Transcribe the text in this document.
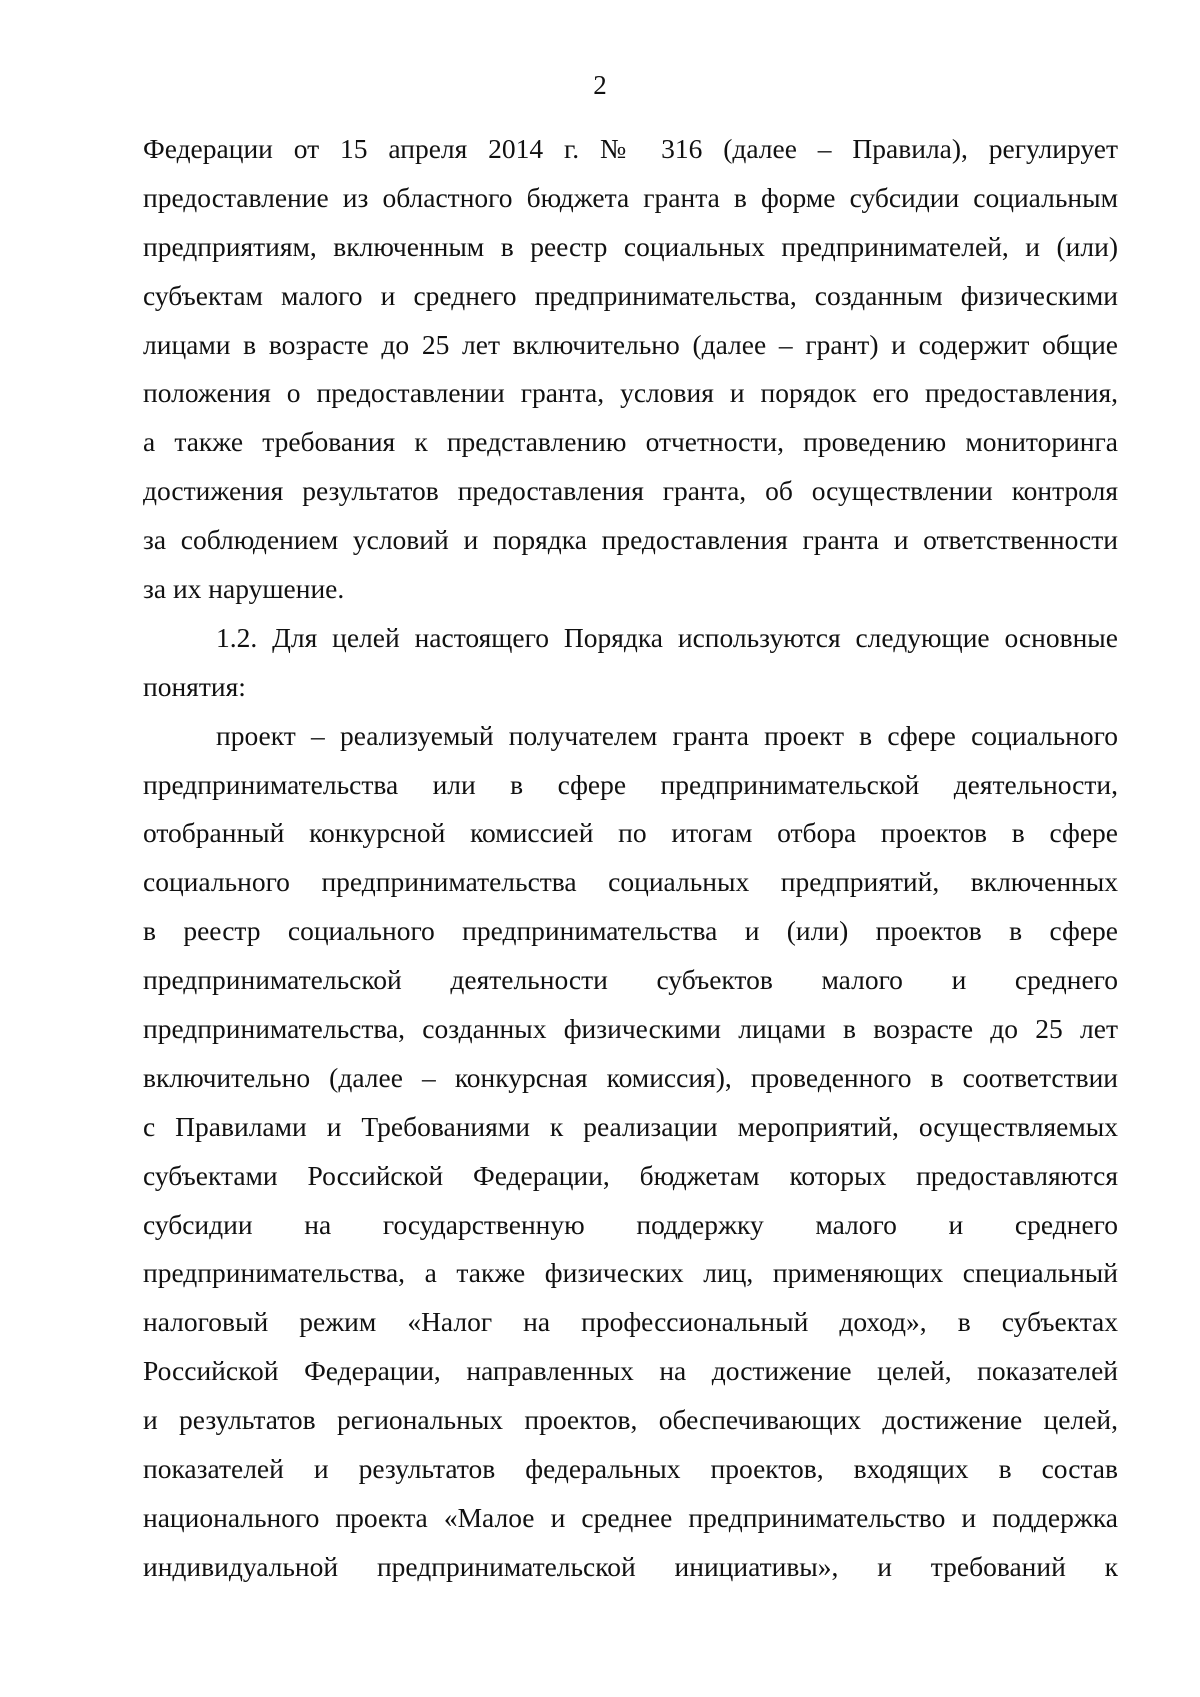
2
Федерации от 15 апреля 2014 г. № 316 (далее – Правила), регулирует
предоставление из областного бюджета гранта в форме субсидии социальным
предприятиям, включенным в реестр социальных предпринимателей, и (или)
субъектам малого и среднего предпринимательства, созданным физическими
лицами в возрасте до 25 лет включительно (далее – грант) и содержит общие
положения о предоставлении гранта, условия и порядок его предоставления,
а также требования к представлению отчетности, проведению мониторинга
достижения результатов предоставления гранта, об осуществлении контроля
за соблюдением условий и порядка предоставления гранта и ответственности
за их нарушение.
1.2. Для целей настоящего Порядка используются следующие основные
понятия:
проект – реализуемый получателем гранта проект в сфере социального
предпринимательства или в сфере предпринимательской деятельности,
отобранный конкурсной комиссией по итогам отбора проектов в сфере
социального предпринимательства социальных предприятий, включенных
в реестр социального предпринимательства и (или) проектов в сфере
предпринимательской деятельности субъектов малого и среднего
предпринимательства, созданных физическими лицами в возрасте до 25 лет
включительно (далее – конкурсная комиссия), проведенного в соответствии
с Правилами и Требованиями к реализации мероприятий, осуществляемых
субъектами Российской Федерации, бюджетам которых предоставляются
субсидии на государственную поддержку малого и среднего
предпринимательства, а также физических лиц, применяющих специальный
налоговый режим «Налог на профессиональный доход», в субъектах
Российской Федерации, направленных на достижение целей, показателей
и результатов региональных проектов, обеспечивающих достижение целей,
показателей и результатов федеральных проектов, входящих в состав
национального проекта «Малое и среднее предпринимательство и поддержка
индивидуальной предпринимательской инициативы», и требований к
